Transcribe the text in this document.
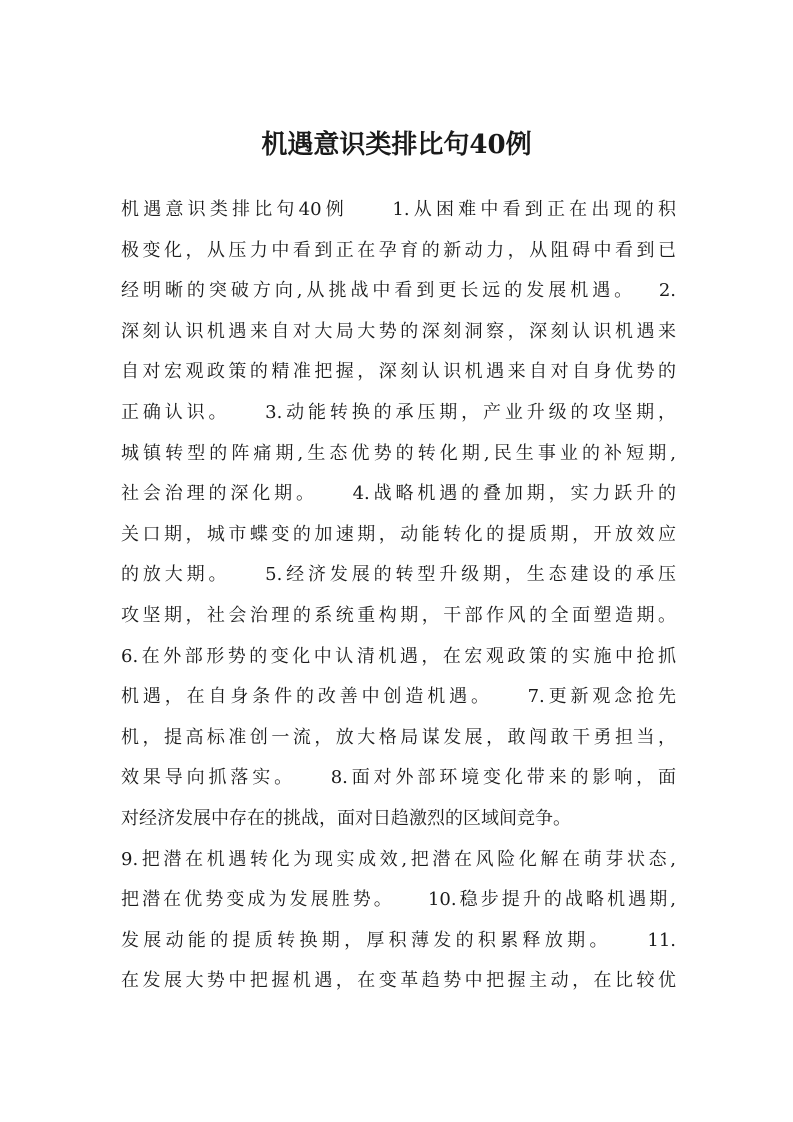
机遇意识类排比句40例
机遇意识类排比句40例　　1.从困难中看到正在出现的积
极变化，从压力中看到正在孕育的新动力，从阻碍中看到已
经明晰的突破方向,从挑战中看到更长远的发展机遇。　 2.
深刻认识机遇来自对大局大势的深刻洞察，深刻认识机遇来
自对宏观政策的精准把握，深刻认识机遇来自对自身优势的
正确认识。　　3.动能转换的承压期，产业升级的攻坚期，
城镇转型的阵痛期,生态优势的转化期,民生事业的补短期,
社会治理的深化期。　　4.战略机遇的叠加期，实力跃升的
关口期，城市蝶变的加速期，动能转化的提质期，开放效应
的放大期。　　5.经济发展的转型升级期，生态建设的承压
攻坚期，社会治理的系统重构期，干部作风的全面塑造期。
6.在外部形势的变化中认清机遇，在宏观政策的实施中抢抓
机遇，在自身条件的改善中创造机遇。　　7.更新观念抢先
机，提高标准创一流，放大格局谋发展，敢闯敢干勇担当，
效果导向抓落实。　　8.面对外部环境变化带来的影响，面
对经济发展中存在的挑战，面对日趋激烈的区域间竞争。
9.把潜在机遇转化为现实成效,把潜在风险化解在萌芽状态,
把潜在优势变成为发展胜势。　　10.稳步提升的战略机遇期,
发展动能的提质转换期，厚积薄发的积累释放期。　　11.
在发展大势中把握机遇，在变革趋势中把握主动，在比较优
